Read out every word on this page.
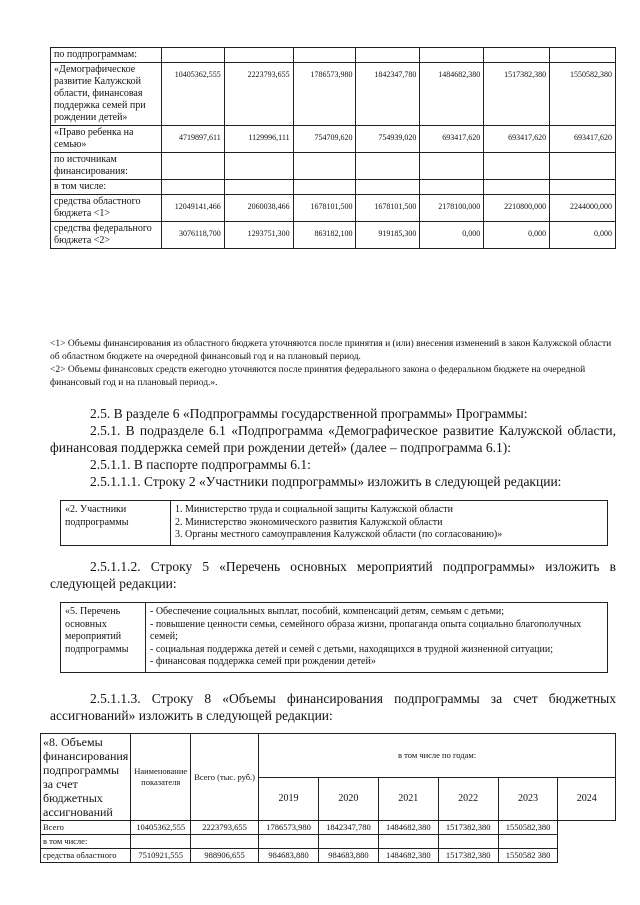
по подпрограммам:							
«Демографическое развитие Калужской области, финансовая поддержка семей при рождении детей»	10405362,555	2223793,655	1786573,980	1842347,780	1484682,380	1517382,380	1550582,380
«Право ребенка на семью»	4719897,611	1129996,111	754709,620	754939,020	693417,620	693417,620	693417,620
по источникам финансирования:							
в том числе:							
средства областного бюджета <1>	12049141,466	2060038,466	1678101,500	1678101,500	2178100,000	2210800,000	2244000,000
средства федерального бюджета <2>	3076118,700	1293751,300	863182,100	919185,300	0,000	0,000	0,000

<1> Объемы финансирования из областного бюджета уточняются после принятия и (или) внесения изменений в закон Калужской области об областном бюджете на очередной финансовый год и на плановый период.

<2> Объемы финансовых средств ежегодно уточняются после принятия федерального закона о федеральном бюджете на очередной финансовый год и на плановый период.».

2.5. В разделе 6 «Подпрограммы государственной программы» Программы:

2.5.1. В подразделе 6.1 «Подпрограмма «Демографическое развитие Калужской области, финансовая поддержка семей при рождении детей» (далее – подпрограмма 6.1):

2.5.1.1. В паспорте подпрограммы 6.1:

2.5.1.1.1. Строку 2 «Участники подпрограммы» изложить в следующей редакции:

«2. Участники подпрограммы	
1. Министерство труда и социальной защиты Калужской области
2. Министерство экономического развития Калужской области
3. Органы местного самоуправления Калужской области (по согласованию)»

2.5.1.1.2. Строку 5 «Перечень основных мероприятий подпрограммы» изложить в следующей редакции:

«5. Перечень основных мероприятий подпрограммы	
- Обеспечение социальных выплат, пособий, компенсаций детям, семьям с детьми;
- повышение ценности семьи, семейного образа жизни, пропаганда опыта социально благополучных семей;
- социальная поддержка детей и семей с детьми, находящихся в трудной жизненной ситуации;
- финансовая поддержка семей при рождении детей»

2.5.1.1.3. Строку 8 «Объемы финансирования подпрограммы за счет бюджетных ассигнований» изложить в следующей редакции:

«8. Объемы финансирования подпрограммы за счет бюджетных ассигнований	Наименование показателя	Всего (тыс. руб.)	в том числе по годам:					
			2019	2020	2021	2022	2023	2024
Всего	10405362,555	2223793,655	1786573,980	1842347,780	1484682,380	1517382,380	1550582,380	
в том числе:								
средства областного	7510921,555	988906,655	984683,880	984683,880	1484682,380	1517382,380	1550582 380	
